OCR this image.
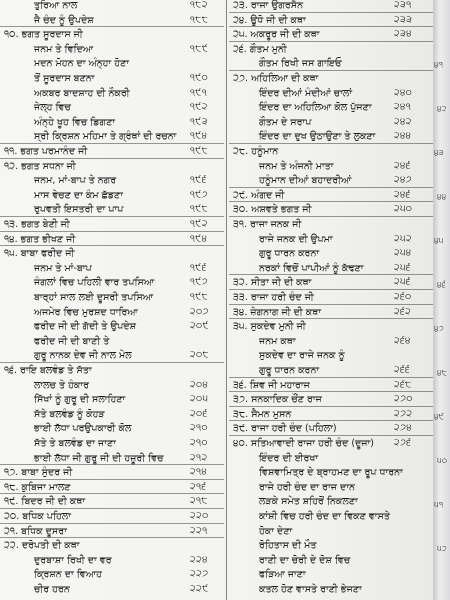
ਤੁਰਿਆ ਨਾਲ	੧੮੨
ਜੈ ਚੰਦ ਨੂੰ ਉਪਦੇਸ਼	੧੮੮
੧੦. ਭਗਤ ਸੂਰਦਾਸ ਜੀ
ਜਨਮ ਤੇ ਵਿਦਿਆ	੧੮੯
ਮਦਨ ਮੋਹਨ ਦਾ ਅੰਨ੍ਹਾ ਹੋਣਾ
ਤੋਂ ਸੂਰਦਾਸ ਬਣਨਾ	੧੯੦
ਅਕਬਰ ਬਾਦਸ਼ਾਹ ਦੀ ਨੌਕਰੀ	੧੯੧
ਜੇਲ੍ਹ ਵਿਚ	੧੯੨
ਅੰਨ੍ਹੇ ਖੂਹ ਵਿਚ ਡਿਗਣਾ	੧੯੩
ਸ੍ਰੀ ਕ੍ਰਿਸ਼ਨ ਮਹਿਮਾ ਤੇ ਗ੍ਰੰਥਾਂ ਦੀ ਰਚਨਾ ੧੯੪
੧੧. ਭਗਤ ਪਰਮਾਨੰਦ ਜੀ	੧੯੮
੧੨. ਭਗਤ ਸਧਨਾ ਜੀ
ਜਨਮ, ਮਾਂ-ਬਾਪ ਤੇ ਨਗਰ	੧੯੬
ਮਾਸ ਵੇਚਣ ਦਾ ਕੰਮ ਛੱਡਣਾ	੧੯੭
ਰੁਪਵਤੀ ਇਸਤਰੀ ਦਾ ਪਾਪ	੧੯੮
੧੩. ਭਗਤ ਬੇਣੀ ਜੀ	੧੯੨
੧੪. ਭਗਤ ਭੀਖਣ ਜੀ	੧੯੪
੧੫. ਬਾਬਾ ਫਰੀਦ ਜੀ
ਜਨਮ ਤੇ ਮਾਂ-ਬਾਪ	੧੯੬
ਜੰਗਲਾਂ ਵਿਚ ਪਹਿਲੀ ਵਾਰ ਤਪਸਿਆ	੧੯੭
ਬਾਰ੍ਹਾਂ ਸਾਲ ਲਈ ਦੂਸਰੀ ਤਪਸਿਆ	੧੯੮
ਅਜਮੇਰ ਵਿਚ ਮੁਰਸ਼ਦ ਧਾਰਿਆ	੨੦੭
ਫਰੀਦ ਜੀ ਦੀ ਗੱਦੀ ਤੇ ਉਪਦੇਸ਼	੨੦੯
ਫਰੀਦ ਜੀ ਦੀ ਬਾਣੀ ਤੇ
ਗੁਰੂ ਨਾਨਕ ਦੇਵ ਜੀ ਨਾਲ ਮੇਲ	੨੦੮
੧੬. ਰਾਇ ਬਲਵੰਡ ਤੇ ਸੱਤਾ
ਲਾਲਚ ਤੇ ਹੰਕਾਰ	੨੦੪
ਸਿੱਖਾਂ ਨੂੰ ਗੁਰੂ ਦੀ ਸਲਾਹਿਣਾ	੨੦੫
ਸੱਤੇ ਬਲਵੰਡ ਨੂੰ ਕੋਹੜ	੨੦੬
ਭਾਈ ਲੱਧਾ ਪਰਉਪਕਾਰੀ ਕੋਲ	੨੧੦
ਸੱਤੇ ਤੇ ਬਲਵੰਡ ਦਾ ਜਾਣਾ	੨੧੦
ਭਾਈ ਲੱਧਾ ਜੀ ਗੁਰੂ ਜੀ ਦੀ ਹਜ਼ੂਰੀ ਵਿਚ	੨੧੨
੧੭. ਬਾਬਾ ਸੁੰਦਰ ਜੀ	੨੧੪
੧੮. ਕੁਬਿਜਾ ਮਾਲਣ	੨੧੬
੧੯. ਬਿਦਰ ਜੀ ਦੀ ਕਥਾ	੨੧੮
੨੦. ਬਧਿਕ ਪਹਿਲਾ	੨੨੦
੨੧. ਬਧਿਕ ਦੂਸਰਾ	੨੨੧
੨੨. ਦਰੋਪਤੀ ਦੀ ਕਥਾ
ਦੁਰਬਾਸ਼ਾ ਰਿਖੀ ਦਾ ਵਰ	੨੨੪
ਕ੍ਰਿਸ਼ਨ ਦਾ ਵਿਆਹ	੨੨੭
ਚੀਰ ਹਰਨ	੨੨੯
੨੩. ਰਾਜਾ ਉਗਰਸੈਨ	੨੩੧
੨੪. ਊਧੋ ਜੀ ਦੀ ਕਥਾ	੨੩੩
੨੫. ਅਕਰੂਰ ਜੀ ਦੀ ਕਥਾ	੨੩੪
੨੬. ਗੌਤਮ ਮੁਨੀ
ਗੌਤਮ ਰਿਖੀ ਜਸ ਗਾਇਓ
੨੭. ਅਹਿਲਿਆ ਦੀ ਕਥਾ
ਇੰਦਰ ਦੀਆਂ ਮੰਦੀਆਂ ਚਾਲਾਂ	੨੪੦
ਇੰਦਰ ਦਾ ਅਹਿਲਿਆ ਕੋਲ ਪੁੱਜਣਾ ੨੪੧
ਗੌਤਮ ਦੇ ਸਰਾਪ	੨੪੨
ਇੰਦਰ ਦਾ ਦੁਖ ਉਠਾਉਣਾ ਤੇ ਲੁਕਣਾ ੨੪੪
੨੮. ਹਨੂੰਮਾਨ
ਜਨਮ ਤੇ ਅੰਜਨੀ ਮਾਤਾ	੨੪੬
ਹਨੂੰਮਾਨ ਦੀਆਂ ਬਹਾਦਰੀਆਂ	੨੪੭
੨੯. ਅੰਗਦ ਜੀ	੨੪੬
੩੦. ਅਸ਼ਵਤੇ ਭਗਤ ਜੀ	੨੫੦
੩੧. ਰਾਜਾ ਜਨਕ ਜੀ
ਰਾਜੇ ਜਨਕ ਦੀ ਉਪਮਾ	੨੫੨
ਗੁਰੂ ਧਾਰਨ ਕਰਨਾ	੨੫੪
ਨਰਕਾਂ ਵਿਚੋਂ ਪਾਪੀਆਂ ਨੂੰ ਕੱਢਣਾ	੨੫੬
੩੨. ਸੀਤਾ ਜੀ ਦੀ ਕਥਾ	੨੫੬
੩੩. ਰਾਜਾ ਹਰੀ ਚੰਦ ਜੀ	੨੬੦
੩੪. ਜ਼ੇਗਨਾਗ ਜੀ ਦੀ ਕਥਾ	੨੬੨
੩੫. ਸੁਕਦੇਵ ਮੁਨੀ ਜੀ
ਜਨਮ ਕਥਾ	੨੬੪
ਸੁਕਦੇਵ ਦਾ ਰਾਜੇ ਜਨਕ ਨੂੰ
ਗੁਰੂ ਧਾਰਨ ਕਰਨਾ	੨੬੬
੩੬. ਸ਼ਿਵ ਜੀ ਮਹਾਰਾਜ	੨੬੮
੩੭. ਸਨਕਾਦਿਕ ਚੌਂਣ ਰਾਜ	੨੭੦
੩੮. ਸੈਮਨ ਮੁਸਨ	੨੭੨
੩੯. ਰਾਜਾ ਹਰੀ ਚੰਦ (ਪਹਿਲਾ)	੨੭੪
੪੦. ਸਤਿਆਵਾਦੀ ਰਾਜਾ ਹਰੀ ਚੰਦ (ਦੂਜਾ) ੨੭੬
ਇੰਦਰ ਦੀ ਈਰਖਾ
ਵਿਸ਼ਵਾਮਿਤ੍ਰ ਦੇ ਬ੍ਰਾਹਮਣ ਦਾ ਰੂਪ ਧਾਰਨਾ
ਰਾਜੇ ਹਰੀ ਚੰਦ ਦਾ ਰਾਜ ਦਾਨ
ਲੜਕੇ ਸਮੇਤ ਸ਼ਹਿਰੋਂ ਨਿਕਲਣਾ
ਕਾਂਸ਼ੀ ਵਿਚ ਹਰੀ ਚੰਦ ਦਾ ਵਿਕਣ ਵਾਸਤੇ
ਹੋਕਾ ਦੇਣਾ
ਰੋਹਿਤਾਸ ਦੀ ਮੌਤ
ਰਾਣੀ ਦਾ ਚੋਰੀ ਦੇ ਦੋਸ਼ ਵਿਚ
ਫੜਿਆ ਜਾਣਾ
ਕਤਲ ਹੋਣ ਵਾਸਤੇ ਰਾਣੀ ਭੇਜਣਾ
੪੧
੪੨
੪੩
੪੪
੪੫
੪੬
੪੭
੪੮
੪੯
੫੦
੫੧
੫੨
